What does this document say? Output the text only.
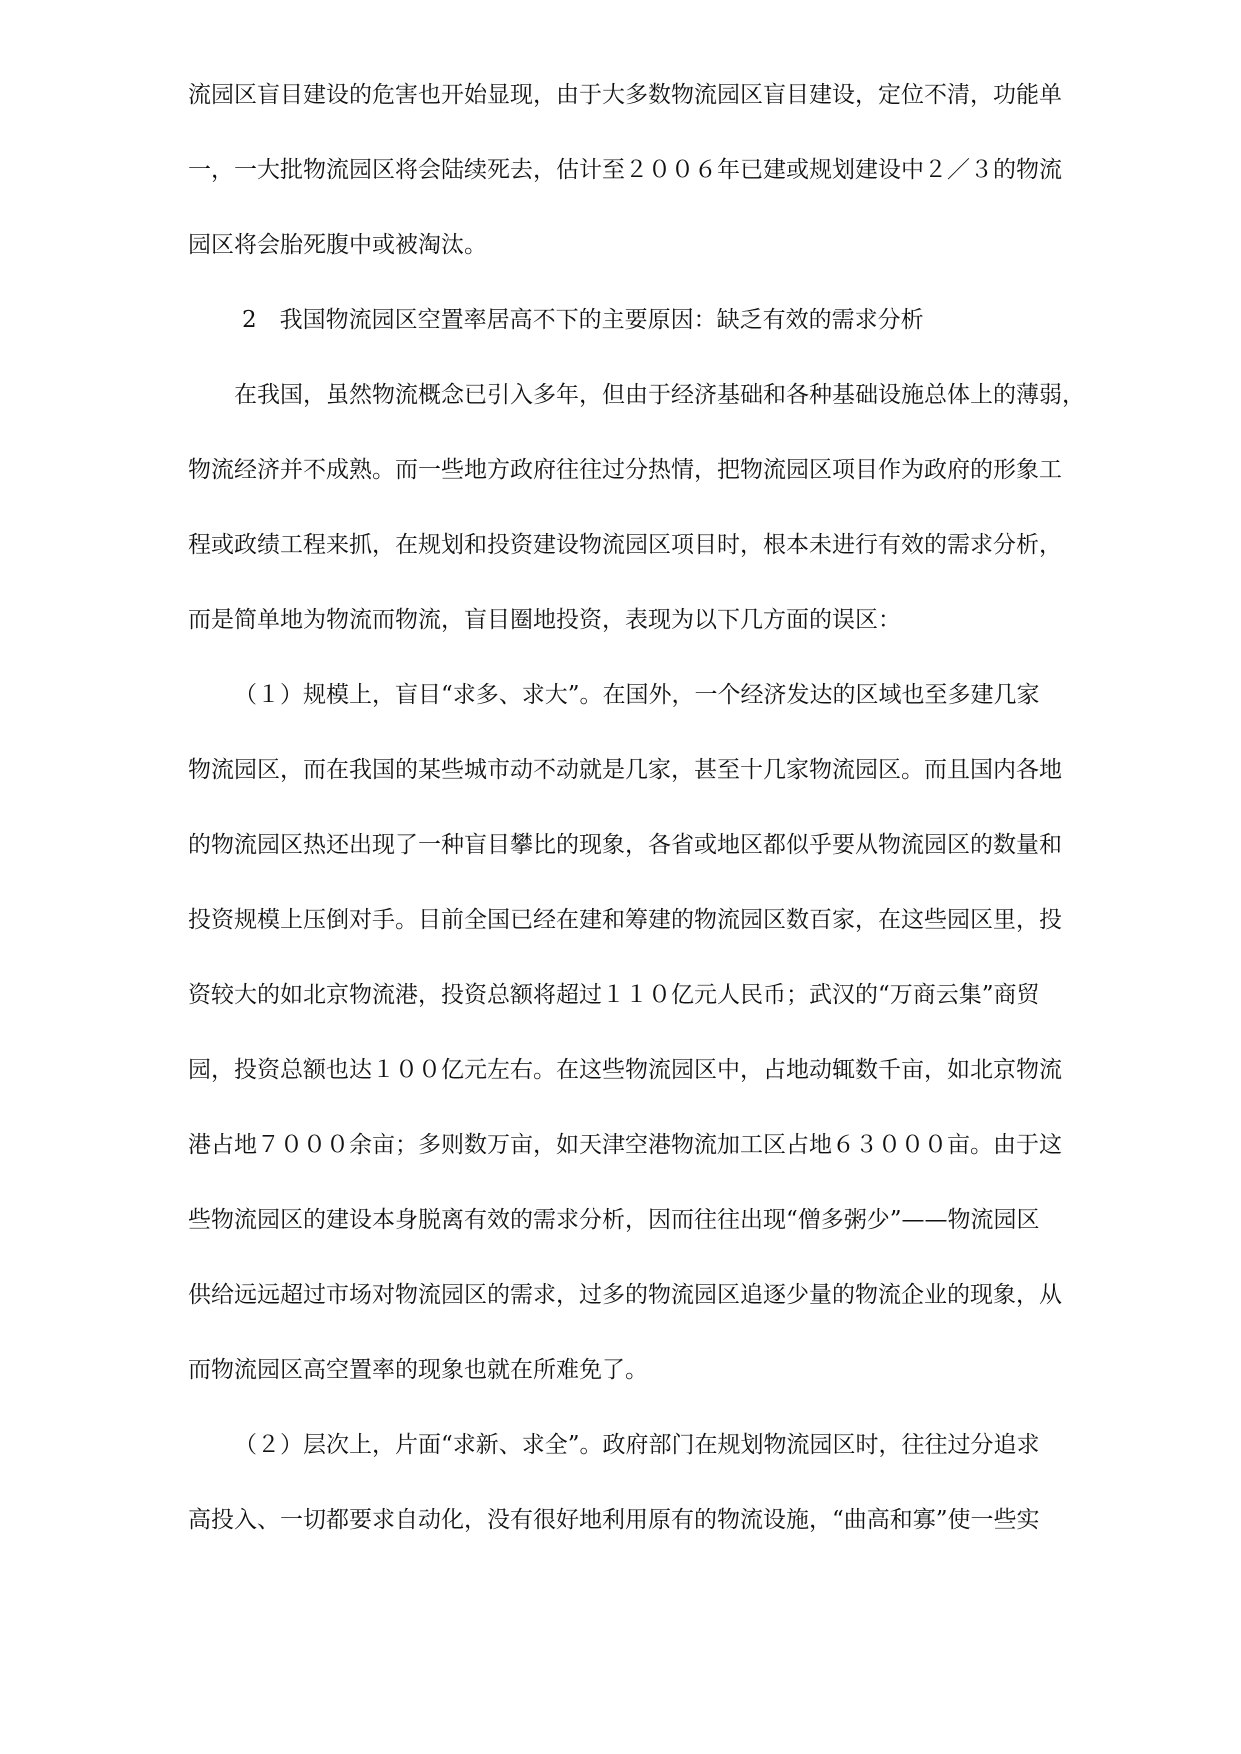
流园区盲目建设的危害也开始显现，由于大多数物流园区盲目建设，定位不清，功能单
一，一大批物流园区将会陆续死去，估计至２００６年已建或规划建设中２／３的物流
园区将会胎死腹中或被淘汰。
2　我国物流园区空置率居高不下的主要原因：缺乏有效的需求分析
在我国，虽然物流概念已引入多年，但由于经济基础和各种基础设施总体上的薄弱，
物流经济并不成熟。而一些地方政府往往过分热情，把物流园区项目作为政府的形象工
程或政绩工程来抓，在规划和投资建设物流园区项目时，根本未进行有效的需求分析，
而是简单地为物流而物流，盲目圈地投资，表现为以下几方面的误区：
（１）规模上，盲目“求多、求大”。在国外，一个经济发达的区域也至多建几家
物流园区，而在我国的某些城市动不动就是几家，甚至十几家物流园区。而且国内各地
的物流园区热还出现了一种盲目攀比的现象，各省或地区都似乎要从物流园区的数量和
投资规模上压倒对手。目前全国已经在建和筹建的物流园区数百家，在这些园区里，投
资较大的如北京物流港，投资总额将超过１１０亿元人民币；武汉的“万商云集”商贸
园，投资总额也达１００亿元左右。在这些物流园区中，占地动辄数千亩，如北京物流
港占地７０００余亩；多则数万亩，如天津空港物流加工区占地６３０００亩。由于这
些物流园区的建设本身脱离有效的需求分析，因而往往出现“僧多粥少”——物流园区
供给远远超过市场对物流园区的需求，过多的物流园区追逐少量的物流企业的现象，从
而物流园区高空置率的现象也就在所难免了。
（２）层次上，片面“求新、求全”。政府部门在规划物流园区时，往往过分追求
高投入、一切都要求自动化，没有很好地利用原有的物流设施，“曲高和寡”使一些实
